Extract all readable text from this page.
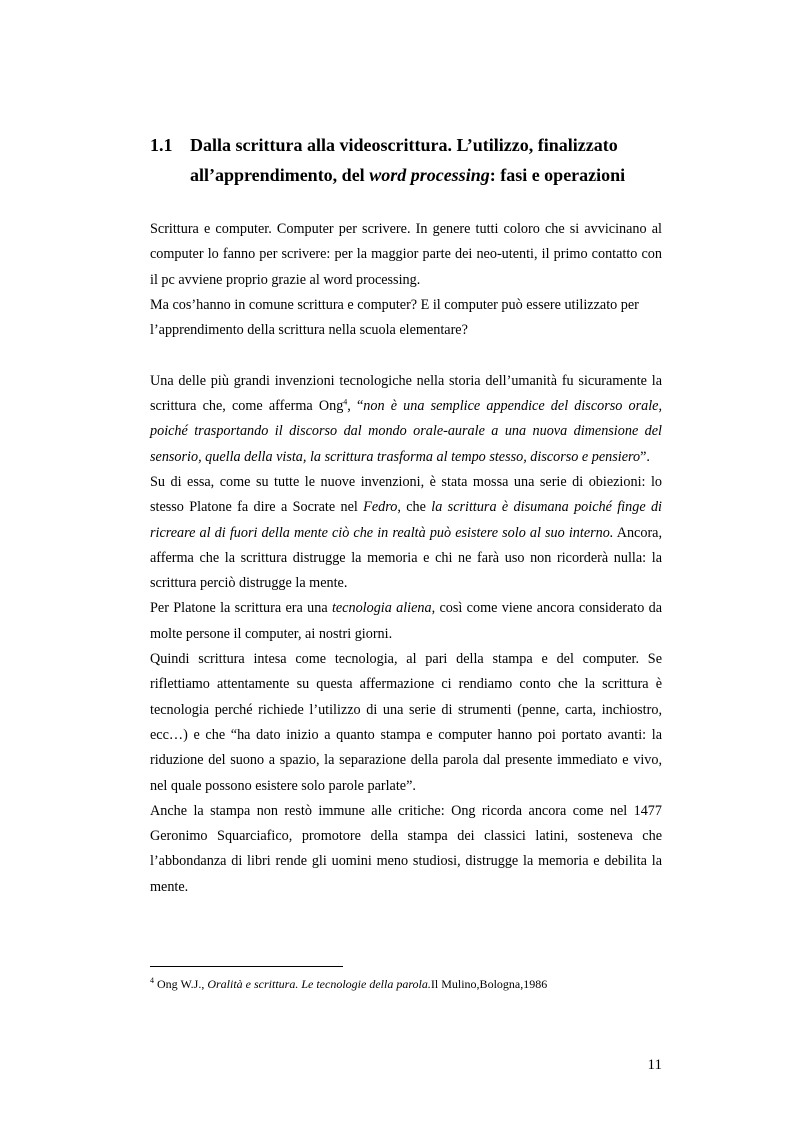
1.1 Dalla scrittura alla videoscrittura. L’utilizzo, finalizzato
all’apprendimento, del word processing: fasi e operazioni

Scrittura e computer. Computer per scrivere. In genere tutti coloro che si avvicinano al computer lo fanno per scrivere: per la maggior parte dei neo-utenti, il primo contatto con il pc avviene proprio grazie al word processing.

Ma cos’hanno in comune scrittura e computer? E il computer può essere utilizzato per l’apprendimento della scrittura nella scuola elementare?

Una delle più grandi invenzioni tecnologiche nella storia dell’umanità fu sicuramente la scrittura che, come afferma Ong$^4$, “non è una semplice appendice del discorso orale, poiché trasportando il discorso dal mondo orale-aurale a una nuova dimensione del sensorio, quella della vista, la scrittura trasforma al tempo stesso, discorso e pensiero”.

Su di essa, come su tutte le nuove invenzioni, è stata mossa una serie di obiezioni: lo stesso Platone fa dire a Socrate nel Fedro, che la scrittura è disumana poiché finge di ricreare al di fuori della mente ciò che in realtà può esistere solo al suo interno. Ancora, afferma che la scrittura distrugge la memoria e chi ne farà uso non ricorderà nulla: la scrittura perciò distrugge la mente.

Per Platone la scrittura era una tecnologia aliena, così come viene ancora considerato da molte persone il computer, ai nostri giorni.

Quindi scrittura intesa come tecnologia, al pari della stampa e del computer. Se riflettiamo attentamente su questa affermazione ci rendiamo conto che la scrittura è tecnologia perché richiede l’utilizzo di una serie di strumenti (penne, carta, inchiostro, ecc…) e che “ha dato inizio a quanto stampa e computer hanno poi portato avanti: la riduzione del suono a spazio, la separazione della parola dal presente immediato e vivo, nel quale possono esistere solo parole parlate”.

Anche la stampa non restò immune alle critiche: Ong ricorda ancora come nel 1477 Geronimo Squarciafico, promotore della stampa dei classici latini, sosteneva che l’abbondanza di libri rende gli uomini meno studiosi, distrugge la memoria e debilita la mente.

$^4$ Ong W.J., Oralità e scrittura. Le tecnologie della parola.Il Mulino,Bologna,1986
11
